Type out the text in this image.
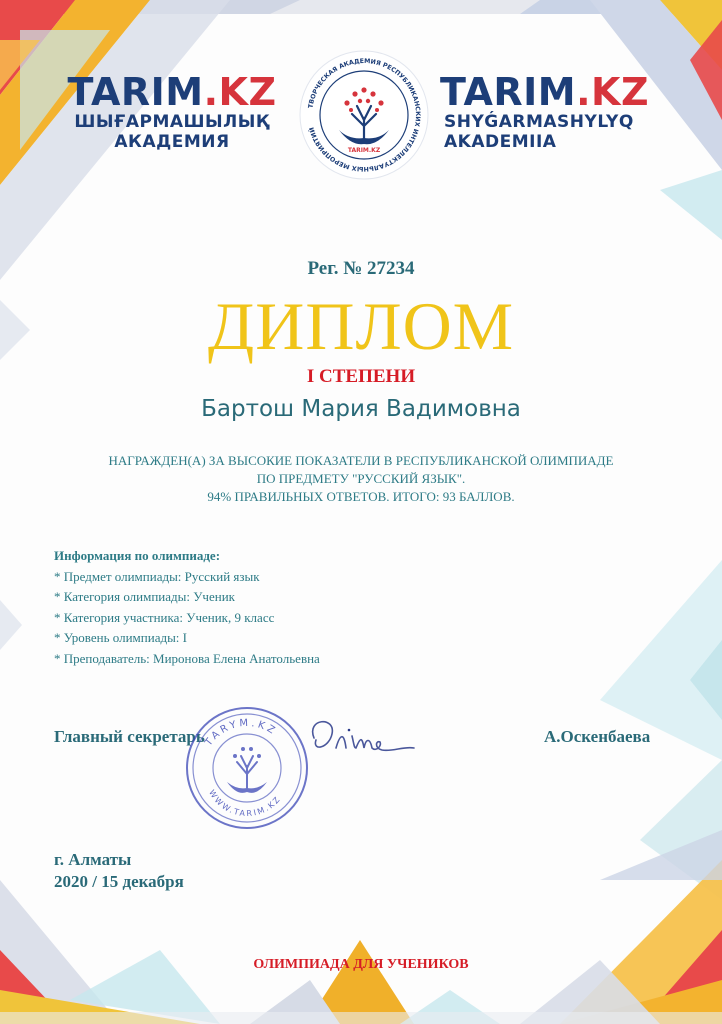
TARIM.KZ
ШЫҒАРМАШЫЛЫҚ
АКАДЕМИЯ
ТВОРЧЕСКАЯ АКАДЕМИЯ РЕСПУБЛИКАНСКИХ ИНТЕЛЛЕКТУАЛЬНЫХ МЕРОПРИЯТИЙ
TARIM.KZ
TARIM.KZ
SHYǴARMASHYLYQ
AKADEMIIA
Рег. № 27234
ДИПЛОМ
I СТЕПЕНИ
Бартош Мария Вадимовна
НАГРАЖДЕН(А) ЗА ВЫСОКИЕ ПОКАЗАТЕЛИ В РЕСПУБЛИКАНСКОЙ ОЛИМПИАДЕ
ПО ПРЕДМЕТУ "РУССКИЙ ЯЗЫК".
94% ПРАВИЛЬНЫХ ОТВЕТОВ. ИТОГО: 93 БАЛЛОВ.
Информация по олимпиаде:
* Предмет олимпиады: Русский язык
* Категория олимпиады: Ученик
* Категория участника: Ученик, 9 класс
* Уровень олимпиады: I
* Преподаватель: Миронова Елена Анатольевна
Главный секретарь	А.Оскенбаева
TARYM.KZ
WWW.TARIM.KZ
г. Алматы
2020 / 15 декабря
ОЛИМПИАДА ДЛЯ УЧЕНИКОВ
